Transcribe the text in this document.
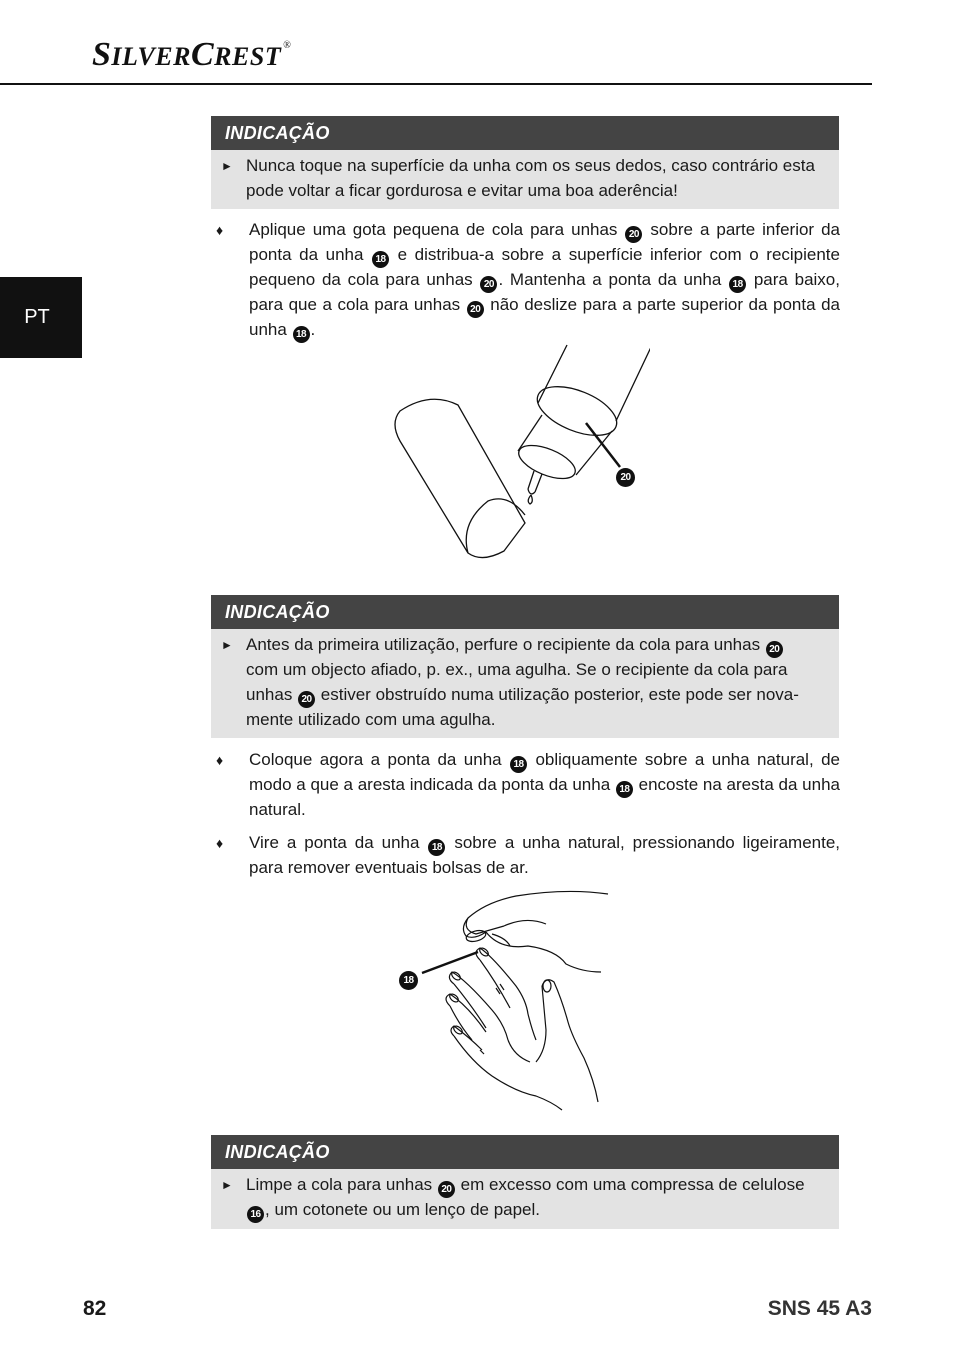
SILVERCREST ®
PT
INDICAÇÃO
► Nunca toque na superfície da unha com os seus dedos, caso contrário esta pode voltar a ficar gordurosa e evitar uma boa aderência!
♦ Aplique uma gota pequena de cola para unhas 20 sobre a parte inferior da ponta da unha 18 e distribua-a sobre a superfície inferior com o recipiente pequeno da cola para unhas 20 . Mantenha a ponta da unha 18 para baixo, para que a cola para unhas 20 não deslize para a parte superior da ponta da unha 18 .
20
INDICAÇÃO
► Antes da primeira utilização, perfure o recipiente da cola para unhas 20 com um objecto afiado, p. ex., uma agulha. Se o recipiente da cola para unhas 20 estiver obstruído numa utilização posterior, este pode ser nova-mente utilizado com uma agulha.
♦ Coloque agora a ponta da unha 18 obliquamente sobre a unha natural, de modo a que a aresta indicada da ponta da unha 18 encoste na aresta da unha natural.
♦ Vire a ponta da unha 18 sobre a unha natural, pressionando ligeiramente, para remover eventuais bolsas de ar.
18
INDICAÇÃO
► Limpe a cola para unhas 20 em excesso com uma compressa de celulose 16 , um cotonete ou um lenço de papel.
82	SNS 45 A3
